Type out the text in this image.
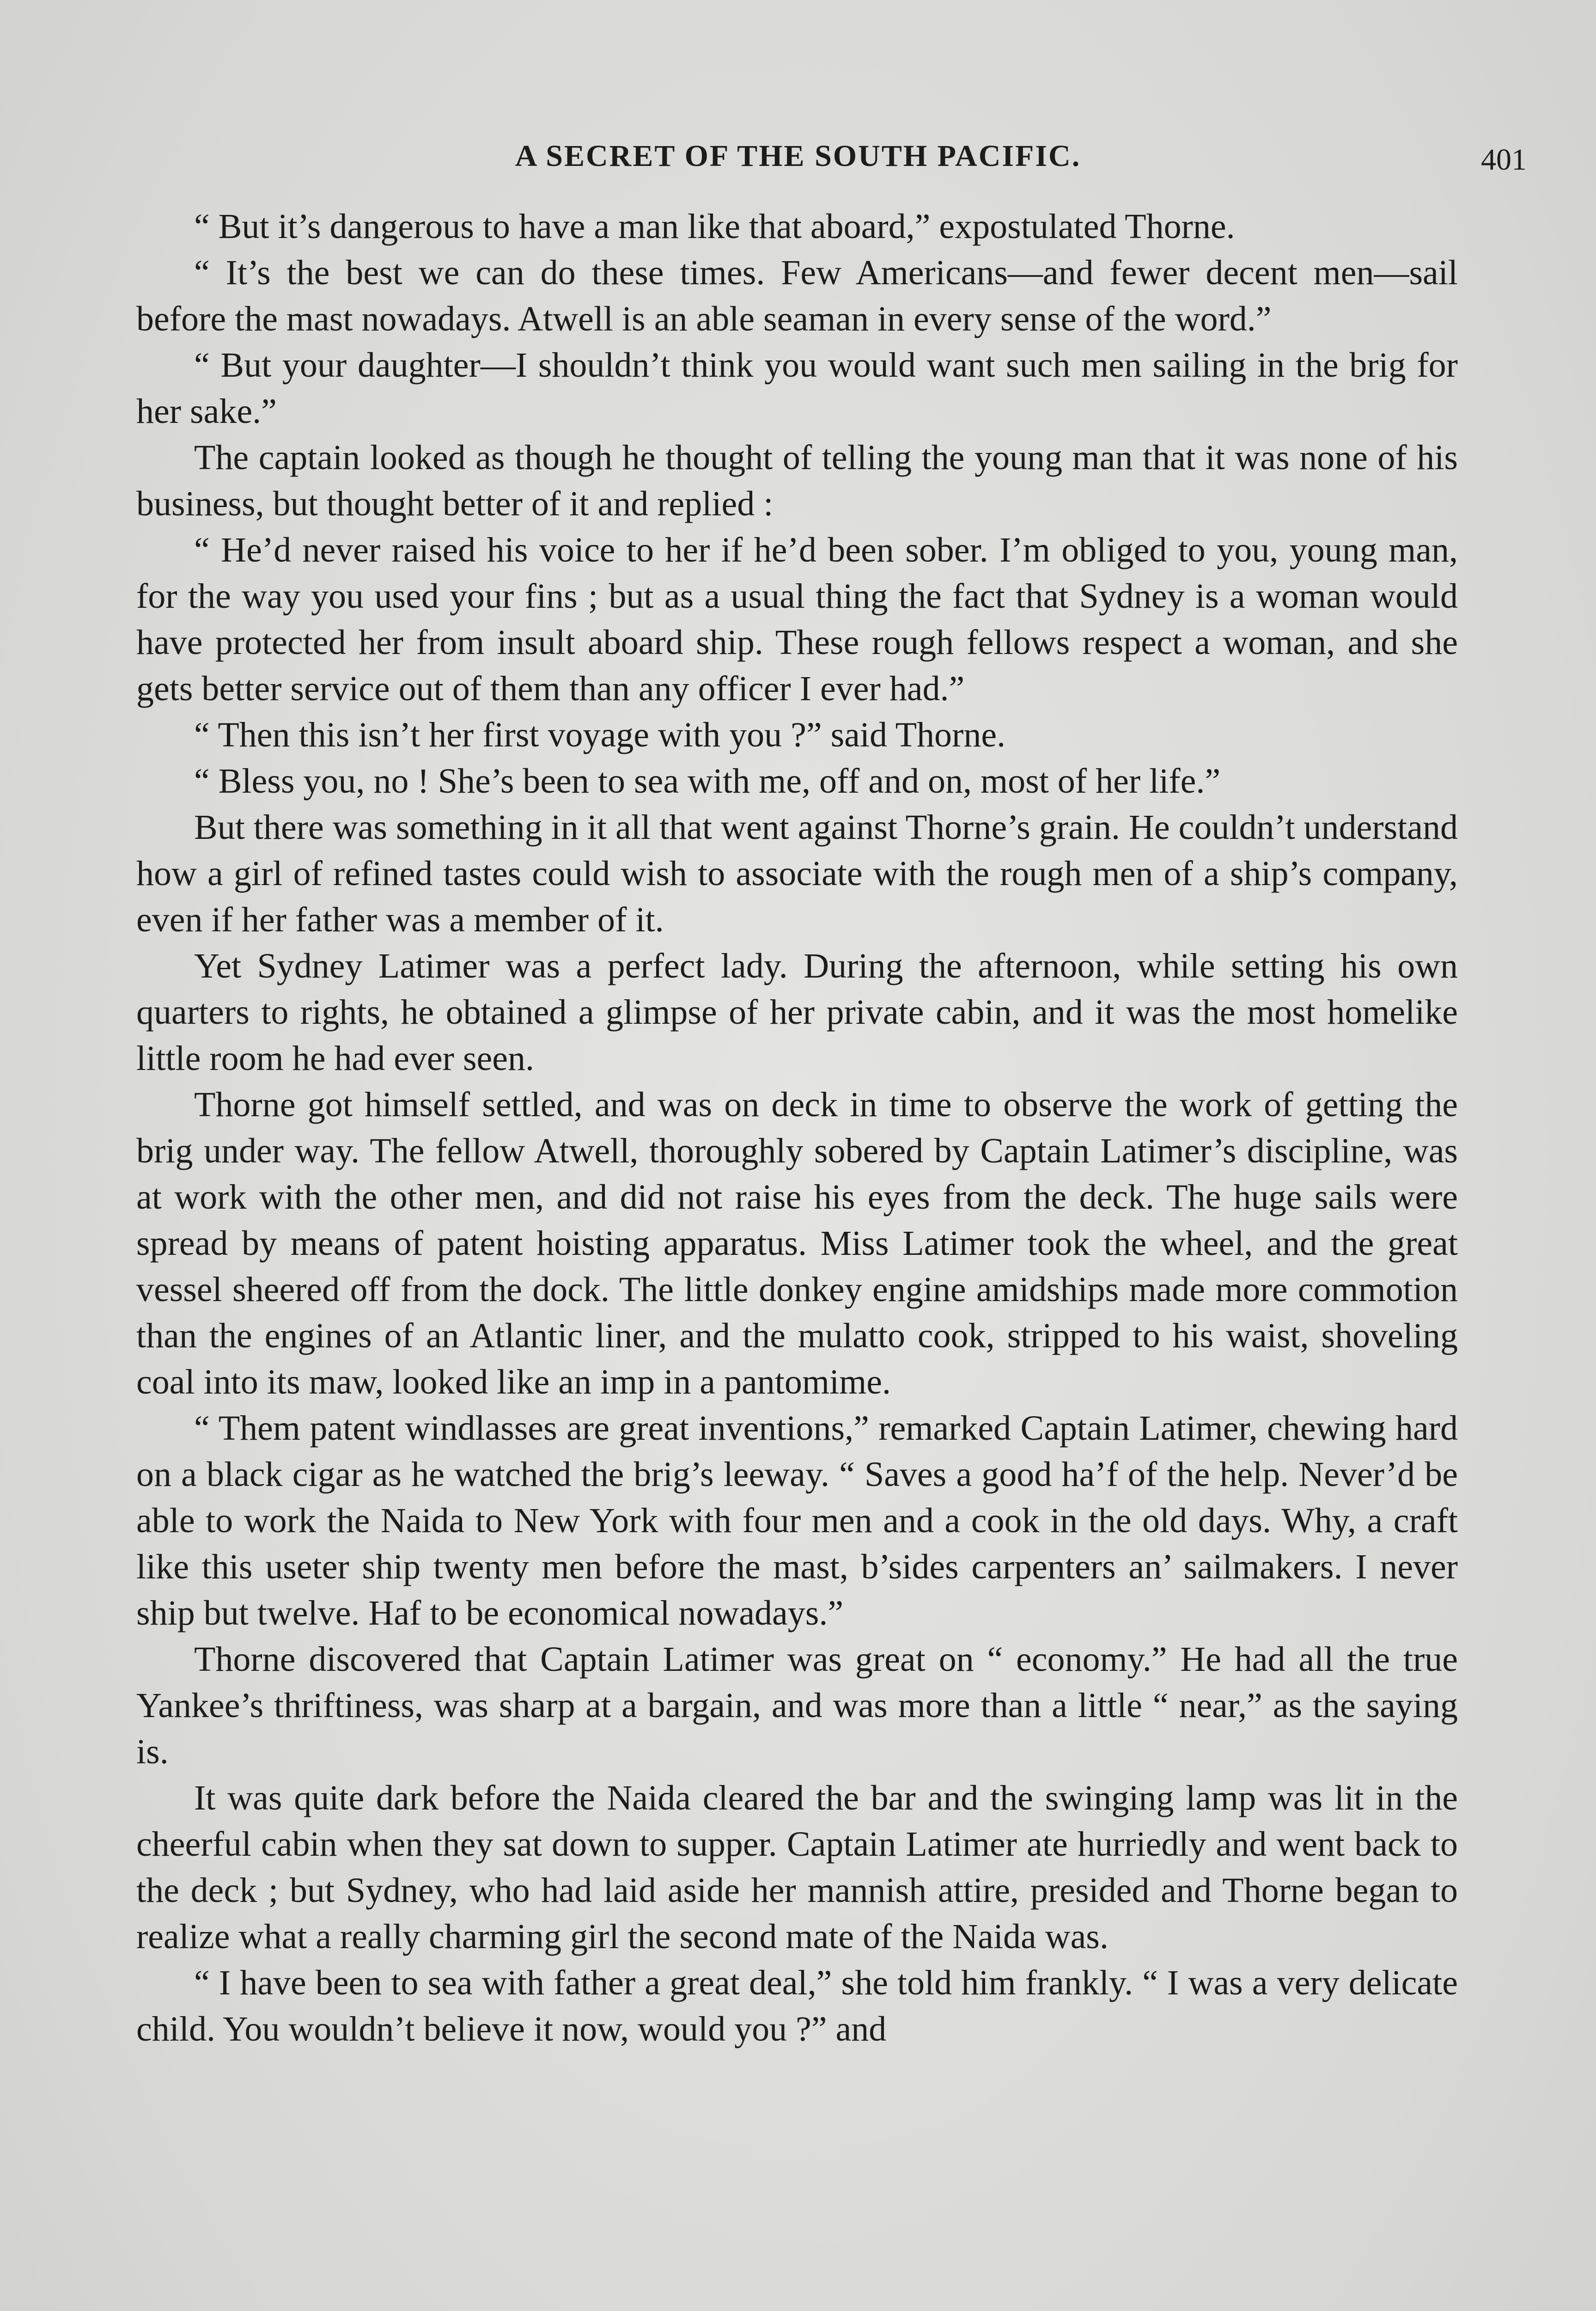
A SECRET OF THE SOUTH PACIFIC.	401

“ But it’s dangerous to have a man like that aboard,” expostulated Thorne.

“ It’s the best we can do these times. Few Americans—and fewer decent men—sail before the mast nowadays. Atwell is an able seaman in every sense of the word.”

“ But your daughter—I shouldn’t think you would want such men sailing in the brig for her sake.”

The captain looked as though he thought of telling the young man that it was none of his business, but thought better of it and replied :

“ He’d never raised his voice to her if he’d been sober. I’m obliged to you, young man, for the way you used your fins ; but as a usual thing the fact that Sydney is a woman would have protected her from insult aboard ship. These rough fellows respect a woman, and she gets better service out of them than any officer I ever had.”

“ Then this isn’t her first voyage with you ?” said Thorne.

“ Bless you, no ! She’s been to sea with me, off and on, most of her life.”

But there was something in it all that went against Thorne’s grain. He couldn’t understand how a girl of refined tastes could wish to associate with the rough men of a ship’s company, even if her father was a member of it.

Yet Sydney Latimer was a perfect lady. During the afternoon, while setting his own quarters to rights, he obtained a glimpse of her private cabin, and it was the most homelike little room he had ever seen.

Thorne got himself settled, and was on deck in time to observe the work of getting the brig under way. The fellow Atwell, thoroughly sobered by Captain Latimer’s discipline, was at work with the other men, and did not raise his eyes from the deck. The huge sails were spread by means of patent hoisting apparatus. Miss Latimer took the wheel, and the great vessel sheered off from the dock. The little donkey engine amidships made more commotion than the engines of an Atlantic liner, and the mulatto cook, stripped to his waist, shoveling coal into its maw, looked like an imp in a pantomime.

“ Them patent windlasses are great inventions,” remarked Captain Latimer, chewing hard on a black cigar as he watched the brig’s leeway. “ Saves a good ha’f of the help. Never’d be able to work the Naida to New York with four men and a cook in the old days. Why, a craft like this useter ship twenty men before the mast, b’sides carpenters an’ sailmakers. I never ship but twelve. Haf to be economical nowadays.”

Thorne discovered that Captain Latimer was great on “ economy.” He had all the true Yankee’s thriftiness, was sharp at a bargain, and was more than a little “ near,” as the saying is.

It was quite dark before the Naida cleared the bar and the swinging lamp was lit in the cheerful cabin when they sat down to supper. Captain Latimer ate hurriedly and went back to the deck ; but Sydney, who had laid aside her mannish attire, presided and Thorne began to realize what a really charming girl the second mate of the Naida was.

“ I have been to sea with father a great deal,” she told him frankly. “ I was a very delicate child. You wouldn’t believe it now, would you ?” and
